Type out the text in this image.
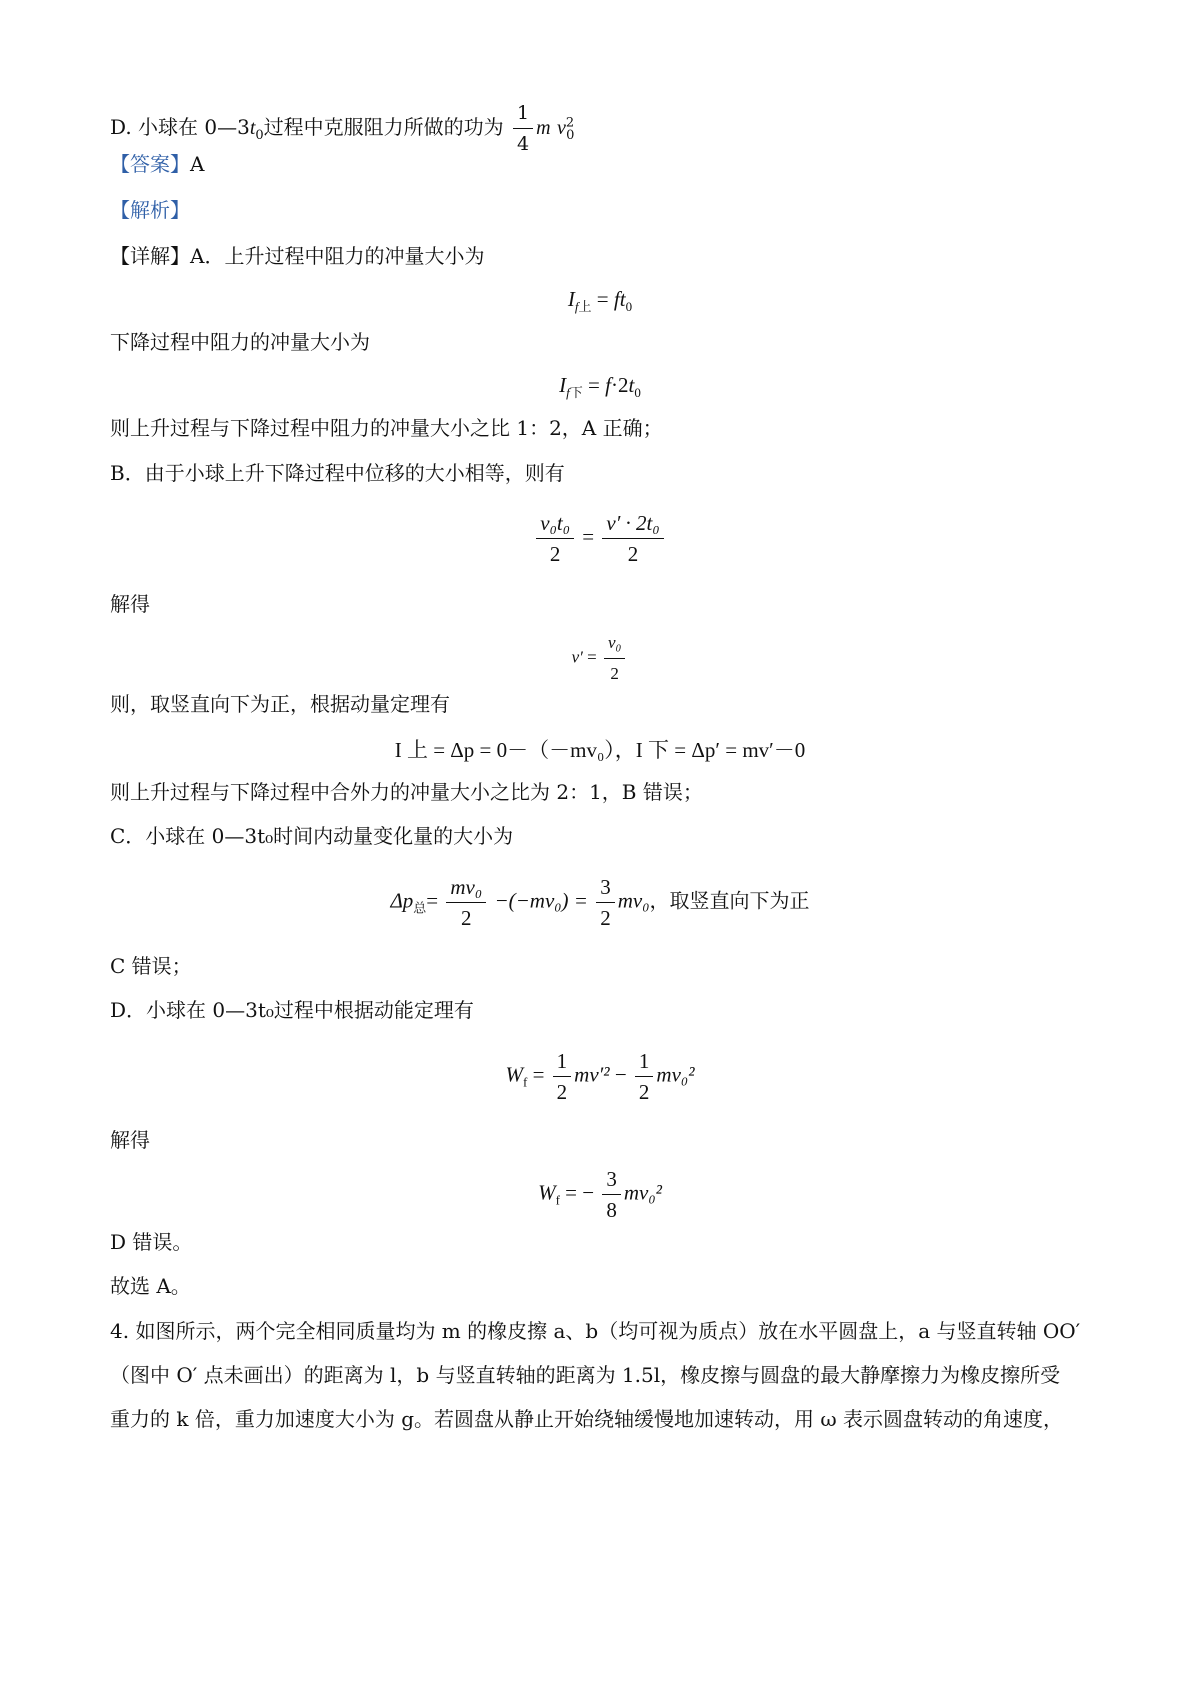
D. 小球在 $0—3t_0$过程中克服阻力所做的功为 $\frac{1}{4}$ m $v^2_0$
【答案】A
【解析】
【详解】A．上升过程中阻力的冲量大小为
$I_{f上} = ft_0$
下降过程中阻力的冲量大小为
$I_{f下} = f\cdot 2t_0$
则上升过程与下降过程中阻力的冲量大小之比 1：2，A 正确；
B．由于小球上升下降过程中位移的大小相等，则有
$\frac{\text{v₀t₀}}{2} = \frac{\text{v′ · 2t₀}}{2}$
解得
$v' = \frac{\text{v₀}}{2}$
则，取竖直向下为正，根据动量定理有
I 上 = Δp = 0－（－mv₀），I 下 = Δp′ = mv′－0
则上升过程与下降过程中合外力的冲量大小之比为 2：1，B 错误；
C．小球在 0—3t₀时间内动量变化量的大小为
$\Delta p_总= \frac{\text{mv₀}}{2} -(-mv_0) = \frac{3}{2} mv_0$，取竖直向下为正
C 错误；
D．小球在 0—3t₀过程中根据动能定理有
$W_f = \frac{1}{2} mv'^2 - \frac{1}{2} mv_0^2$
解得
$W_f$ = − $\frac{3}{8} mv_0^2$
D 错误。
故选 A。
4. 如图所示，两个完全相同质量均为 m 的橡皮擦 a、b（均可视为质点）放在水平圆盘上，a 与竖直转轴 OO′
（图中 O′ 点未画出）的距离为 l，b 与竖直转轴的距离为 1.5l，橡皮擦与圆盘的最大静摩擦力为橡皮擦所受
重力的 k 倍，重力加速度大小为 g。若圆盘从静止开始绕轴缓慢地加速转动，用 ω 表示圆盘转动的角速度，
